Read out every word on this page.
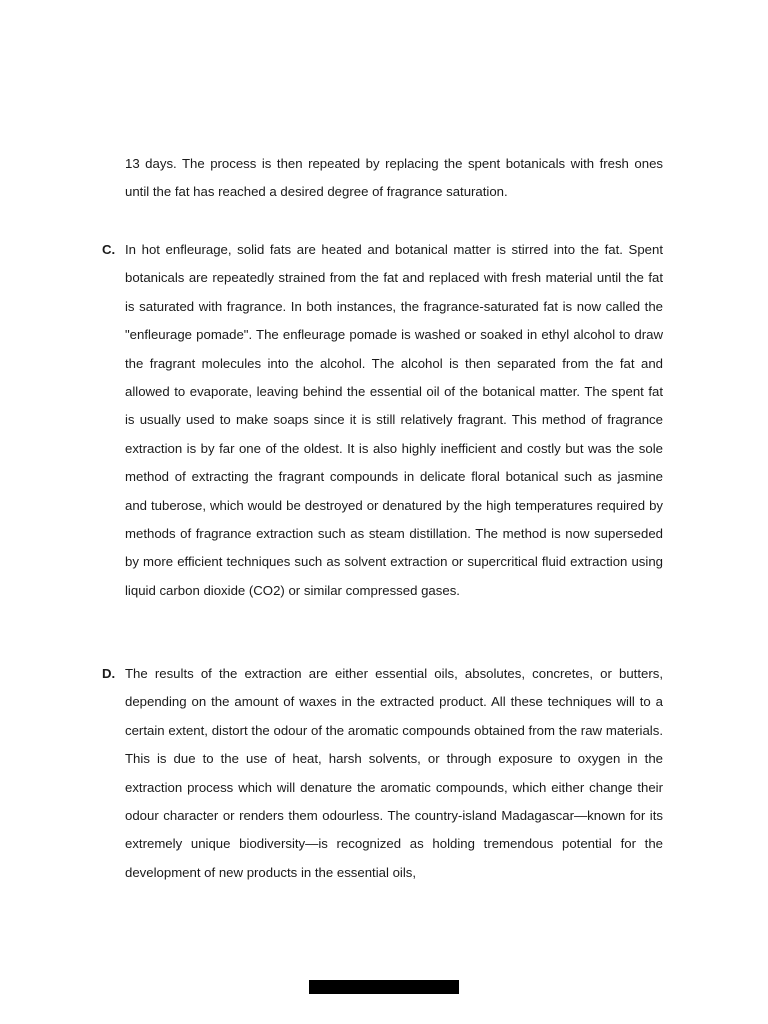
13 days. The process is then repeated by replacing the spent botanicals with fresh ones until the fat has reached a desired degree of fragrance saturation.

C. In hot enfleurage, solid fats are heated and botanical matter is stirred into the fat. Spent botanicals are repeatedly strained from the fat and replaced with fresh material until the fat is saturated with fragrance. In both instances, the fragrance-saturated fat is now called the "enfleurage pomade". The enfleurage pomade is washed or soaked in ethyl alcohol to draw the fragrant molecules into the alcohol. The alcohol is then separated from the fat and allowed to evaporate, leaving behind the essential oil of the botanical matter. The spent fat is usually used to make soaps since it is still relatively fragrant. This method of fragrance extraction is by far one of the oldest. It is also highly inefficient and costly but was the sole method of extracting the fragrant compounds in delicate floral botanical such as jasmine and tuberose, which would be destroyed or denatured by the high temperatures required by methods of fragrance extraction such as steam distillation. The method is now superseded by more efficient techniques such as solvent extraction or supercritical fluid extraction using liquid carbon dioxide (CO2) or similar compressed gases.

D. The results of the extraction are either essential oils, absolutes, concretes, or butters, depending on the amount of waxes in the extracted product. All these techniques will to a certain extent, distort the odour of the aromatic compounds obtained from the raw materials. This is due to the use of heat, harsh solvents, or through exposure to oxygen in the extraction process which will denature the aromatic compounds, which either change their odour character or renders them odourless. The country-island Madagascar—known for its extremely unique biodiversity—is recognized as holding tremendous potential for the development of new products in the essential oils,
